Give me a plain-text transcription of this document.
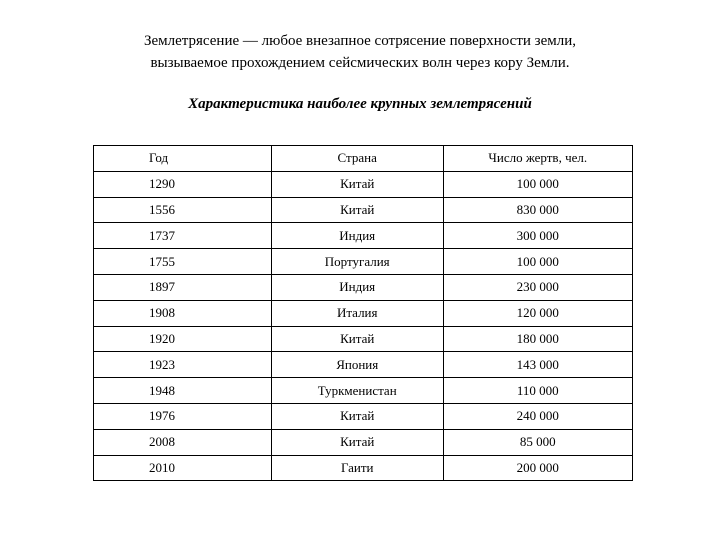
Землетрясение — любое внезапное сотрясение поверхности земли,
вызываемое прохождением сейсмических волн через кору Земли.
Характеристика наиболее крупных землетрясений
Год	Страна	Число жертв, чел.
1290	Китай	100 000
1556	Китай	830 000
1737	Индия	300 000
1755	Португалия	100 000
1897	Индия	230 000
1908	Италия	120 000
1920	Китай	180 000
1923	Япония	143 000
1948	Туркменистан	110 000
1976	Китай	240 000
2008	Китай	85 000
2010	Гаити	200 000
